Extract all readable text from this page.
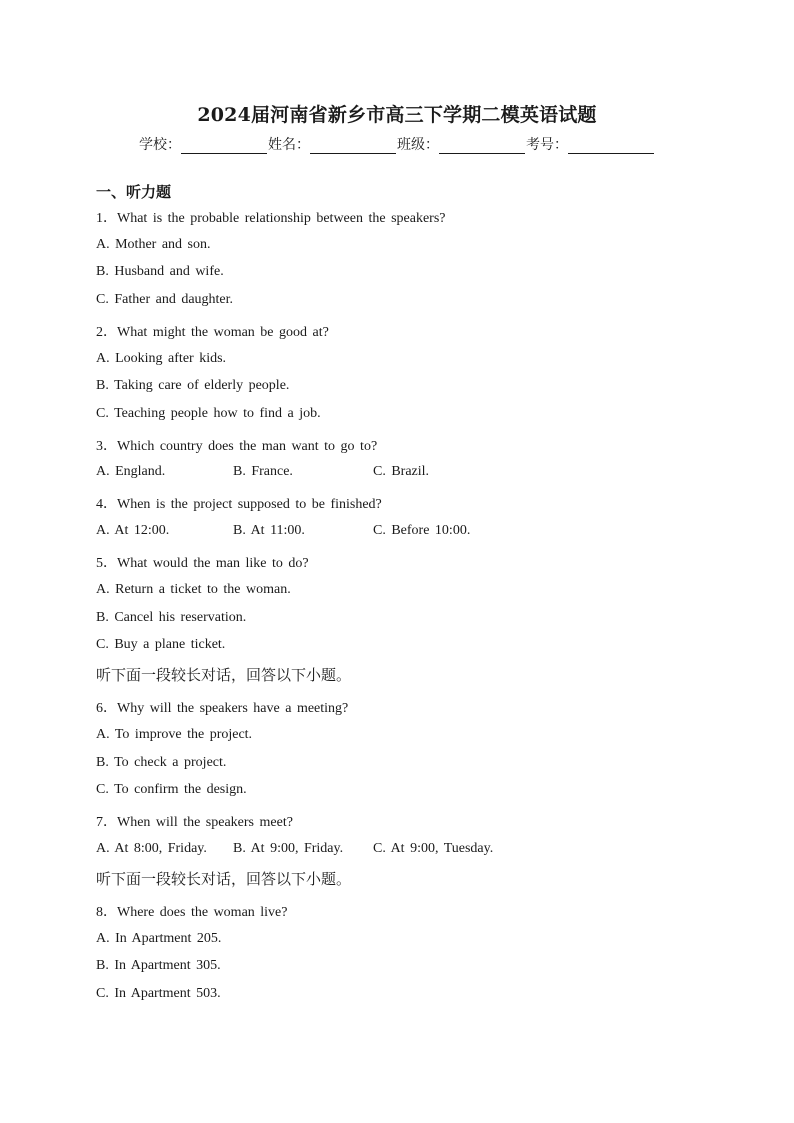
2024届河南省新乡市高三下学期二模英语试题
学校：	姓名：	班级：	考号：
一、听力题
1．What is the probable relationship between the speakers?
A. Mother and son.
B. Husband and wife.
C. Father and daughter.
2．What might the woman be good at?
A. Looking after kids.
B. Taking care of elderly people.
C. Teaching people how to find a job.
3．Which country does the man want to go to?
A. England.	B. France.	C. Brazil.
4．When is the project supposed to be finished?
A. At 12:00.	B. At 11:00.	C. Before 10:00.
5．What would the man like to do?
A. Return a ticket to the woman.
B. Cancel his reservation.
C. Buy a plane ticket.
听下面一段较长对话，回答以下小题。
6．Why will the speakers have a meeting?
A. To improve the project.
B. To check a project.
C. To confirm the design.
7．When will the speakers meet?
A. At 8:00, Friday. B. At 9:00, Friday. C. At 9:00, Tuesday.
听下面一段较长对话，回答以下小题。
8．Where does the woman live?
A. In Apartment 205.
B. In Apartment 305.
C. In Apartment 503.
